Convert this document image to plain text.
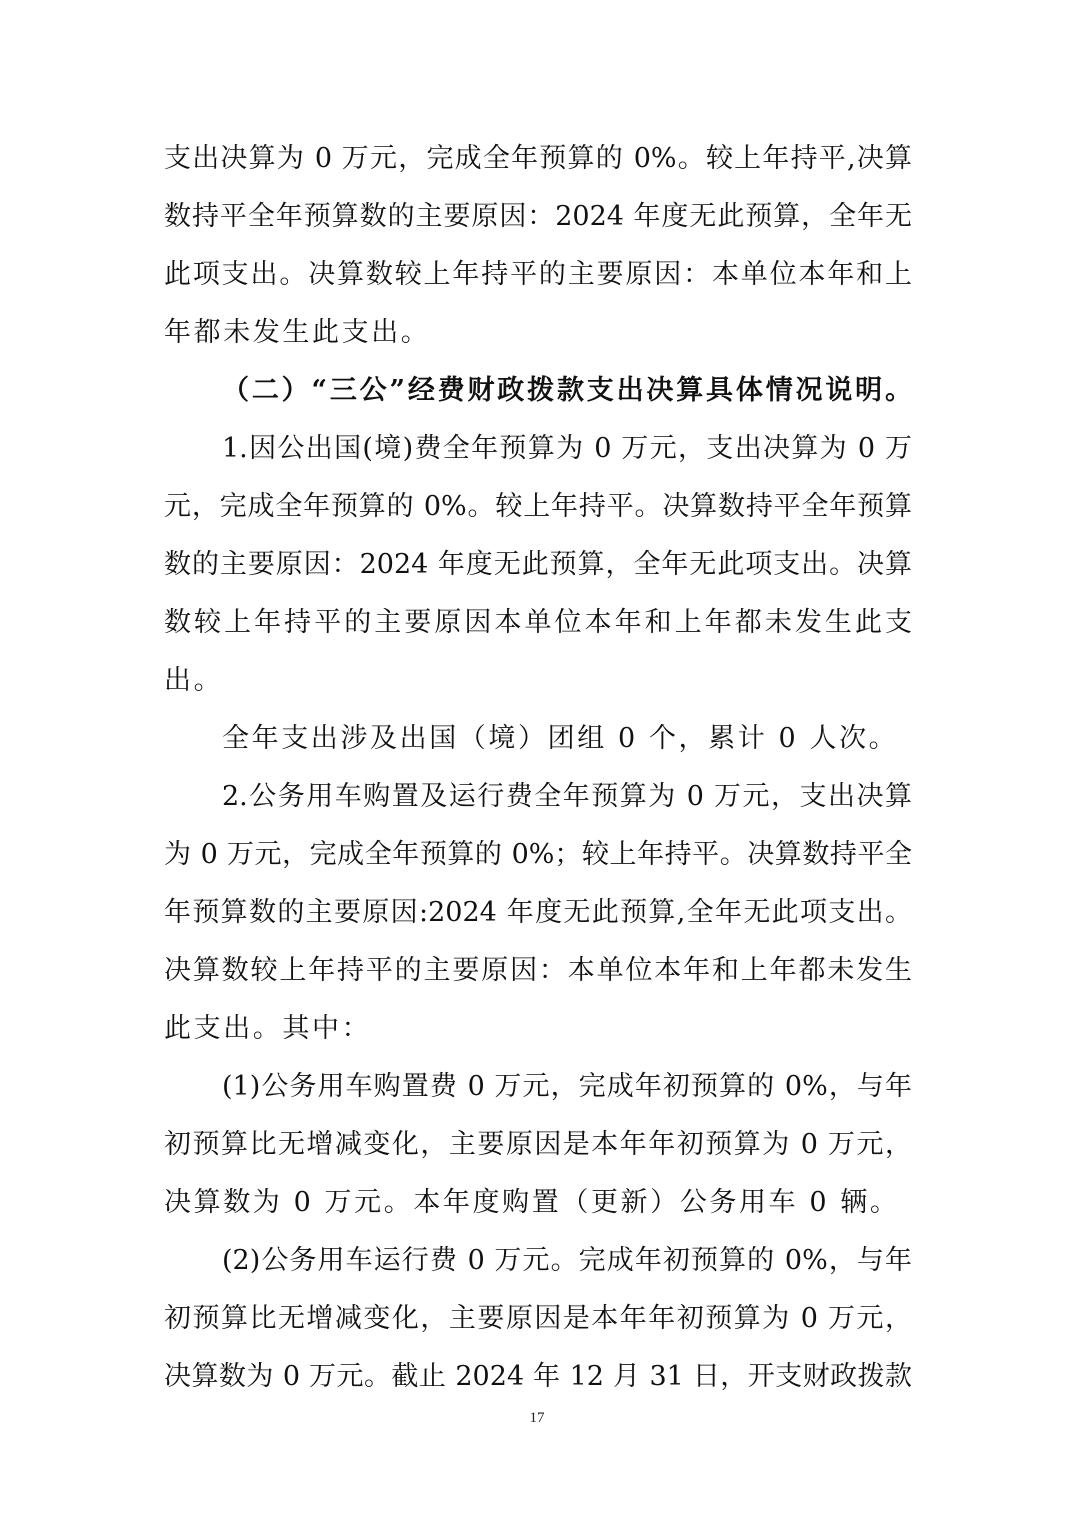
支出决算为 0 万元，完成全年预算的 0%。较上年持平,决算
数持平全年预算数的主要原因：2024 年度无此预算，全年无
此项支出。决算数较上年持平的主要原因：本单位本年和上
年都未发生此支出。
（二）“三公”经费财政拨款支出决算具体情况说明。
1.因公出国(境)费全年预算为 0 万元，支出决算为 0 万
元，完成全年预算的 0%。较上年持平。决算数持平全年预算
数的主要原因：2024 年度无此预算，全年无此项支出。决算
数较上年持平的主要原因本单位本年和上年都未发生此支
出。
全年支出涉及出国（境）团组 0 个，累计 0 人次。
2.公务用车购置及运行费全年预算为 0 万元，支出决算
为 0 万元，完成全年预算的 0%；较上年持平。决算数持平全
年预算数的主要原因:2024 年度无此预算,全年无此项支出。
决算数较上年持平的主要原因：本单位本年和上年都未发生
此支出。其中：
(1)公务用车购置费 0 万元，完成年初预算的 0%，与年
初预算比无增减变化，主要原因是本年年初预算为 0 万元，
决算数为 0 万元。本年度购置（更新）公务用车 0 辆。
(2)公务用车运行费 0 万元。完成年初预算的 0%，与年
初预算比无增减变化，主要原因是本年年初预算为 0 万元，
决算数为 0 万元。截止 2024 年 12 月 31 日，开支财政拨款
17
